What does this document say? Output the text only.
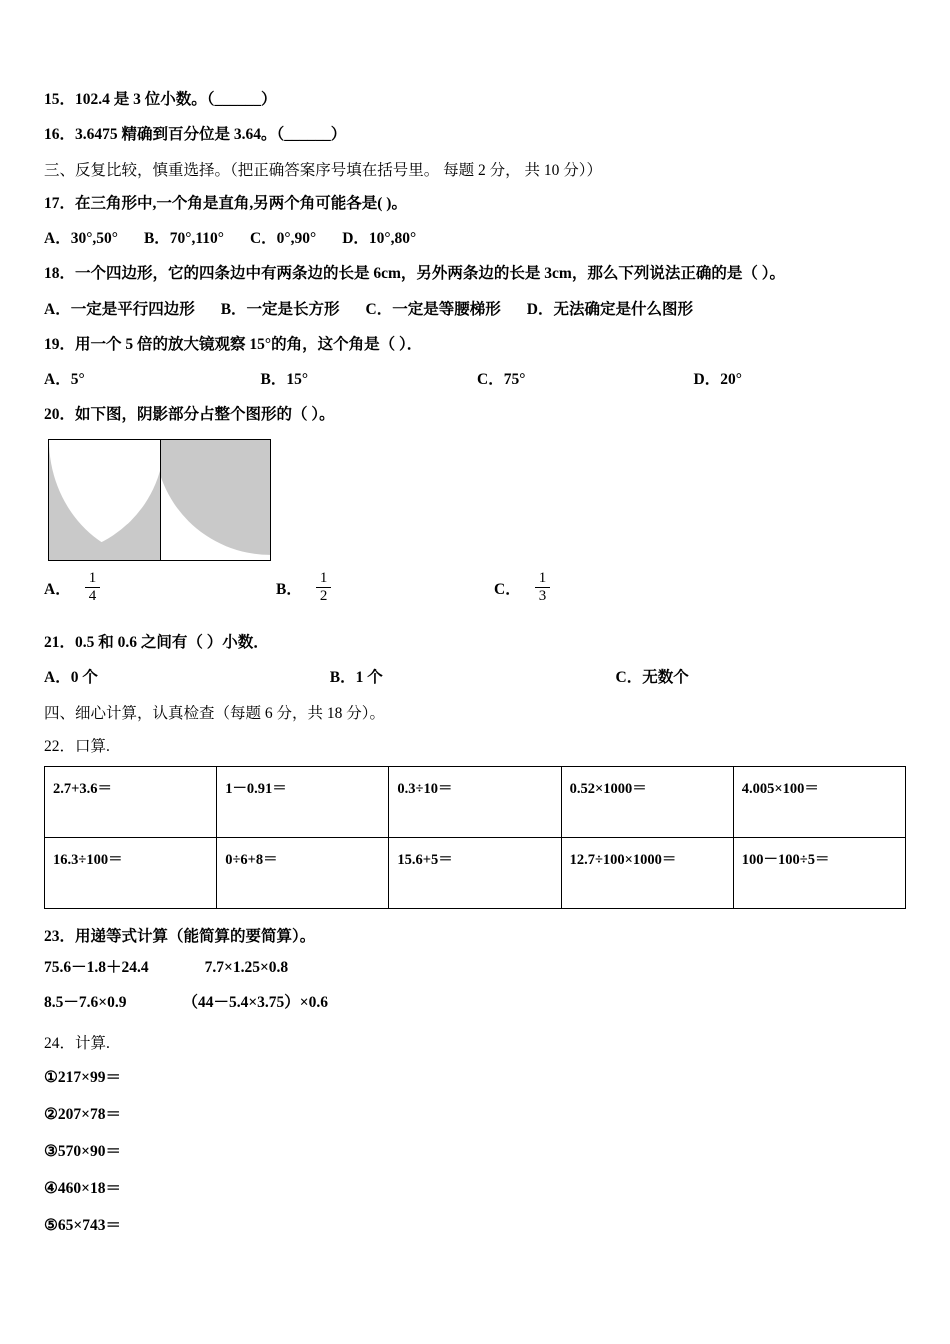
15．102.4 是 3 位小数。（______）

16．3.6475 精确到百分位是 3.64。（______）

三、反复比较，慎重选择。（把正确答案序号填在括号里。 每题 2 分， 共 10 分））

17．在三角形中,一个角是直角,另两个角可能各是( )。

A．30°,50° B．70°,110° C．0°,90° D．10°,80°

18．一个四边形，它的四条边中有两条边的长是 6cm，另外两条边的长是 3cm，那么下列说法正确的是（ ）。

A．一定是平行四边形 B．一定是长方形 C．一定是等腰梯形 D．无法确定是什么图形

19．用一个 5 倍的放大镜观察 15°的角，这个角是（ ）．

A．5°	B．15°	C．75°	D．20°

20．如下图，阴影部分占整个图形的（ ）。

A． $\frac{1}{4}$	B． $\frac{1}{2}$	C． $\frac{1}{3}$

21．0.5 和 0.6 之间有（ ）小数．

A．0 个	B．1 个	C．无数个

四、细心计算，认真检查（每题 6 分，共 18 分）。

22．口算.

2.7+3.6＝	1－0.91＝	0.3÷10＝	0.52×1000＝	4.005×100＝
16.3÷100＝	0÷6+8＝	15.6+5＝	12.7÷100×1000＝	100－100÷5＝

23．用递等式计算（能简算的要简算）。

75.6－1.8＋24.4	7.7×1.25×0.8

8.5－7.6×0.9	（44－5.4×3.75）×0.6

24．计算.

①217×99＝

②207×78＝

③570×90＝

④460×18＝

⑤65×743＝
